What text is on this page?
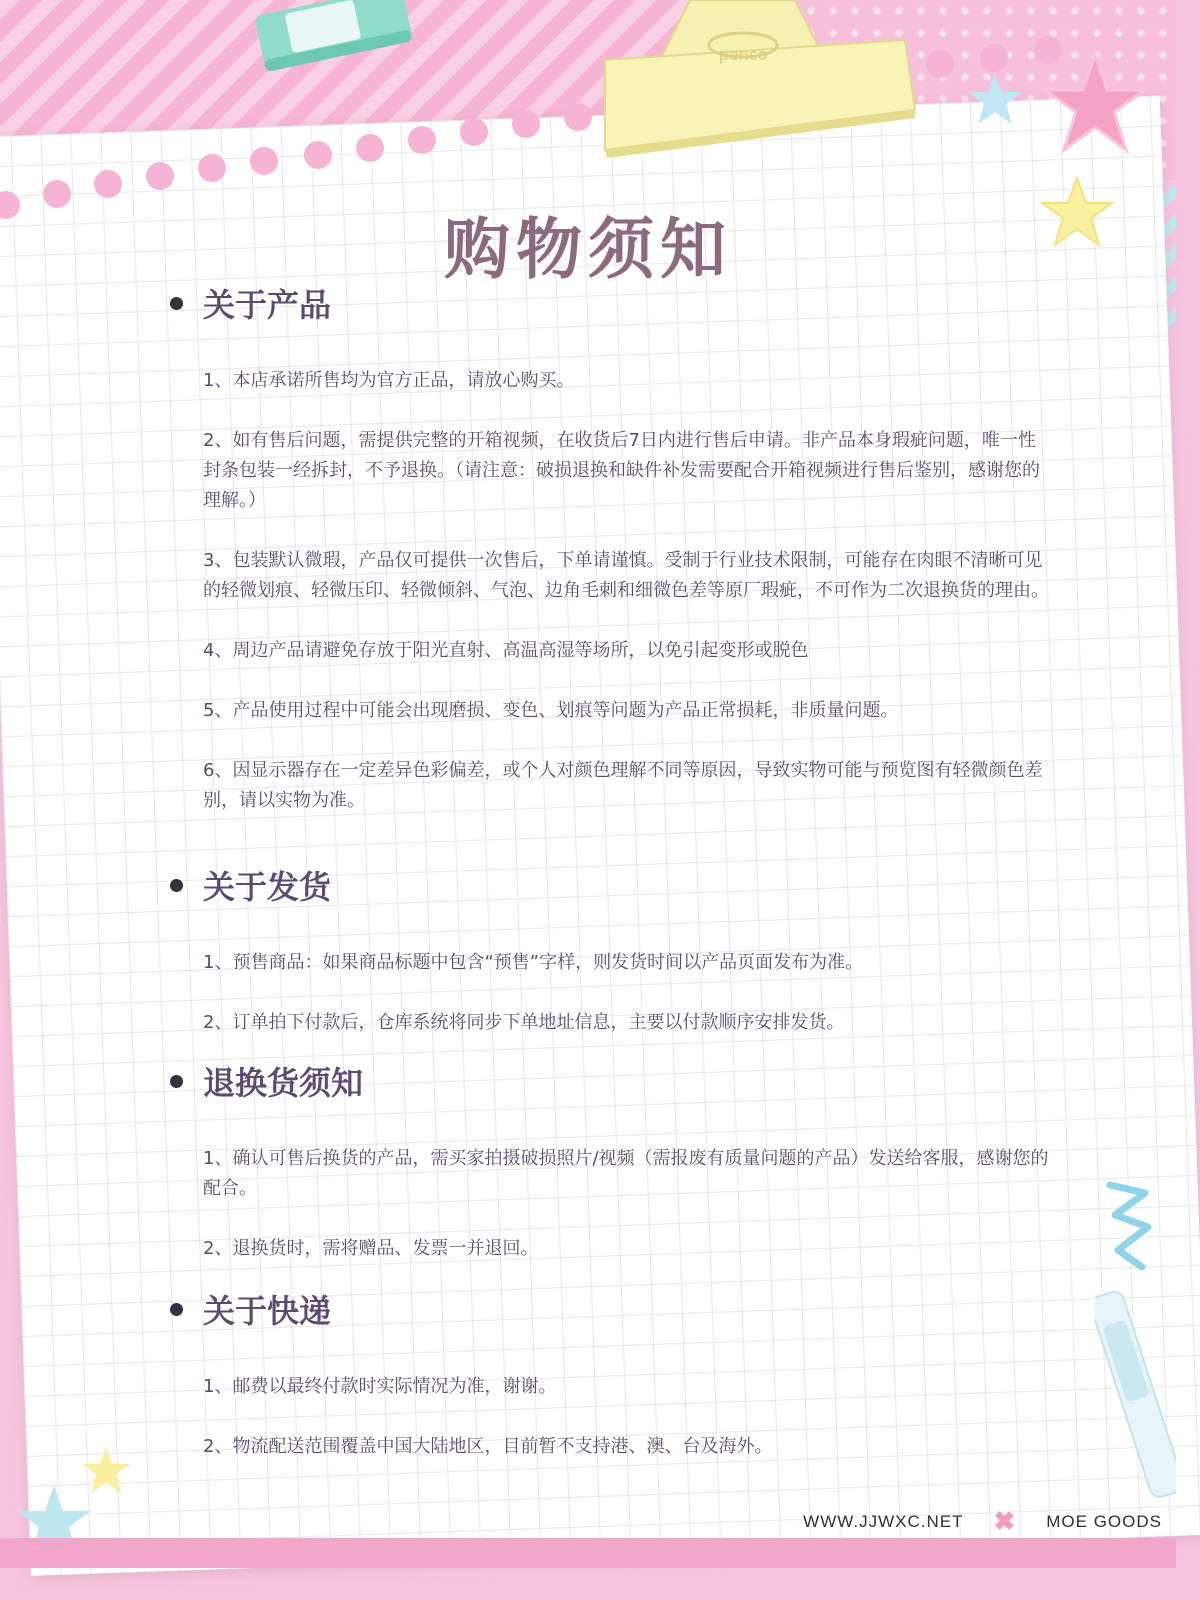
penco
购物须知
关于产品

1、本店承诺所售均为官方正品，请放心购买。

2、如有售后问题，需提供完整的开箱视频，在收货后7日内进行售后申请。非产品本身瑕疵问题，唯一性封条包装一经拆封，不予退换。（请注意：破损退换和缺件补发需要配合开箱视频进行售后鉴别，感谢您的理解。）

3、包装默认微瑕，产品仅可提供一次售后，下单请谨慎。受制于行业技术限制，可能存在肉眼不清晰可见的轻微划痕、轻微压印、轻微倾斜、气泡、边角毛刺和细微色差等原厂瑕疵，不可作为二次退换货的理由。

4、周边产品请避免存放于阳光直射、高温高湿等场所，以免引起变形或脱色

5、产品使用过程中可能会出现磨损、变色、划痕等问题为产品正常损耗，非质量问题。

6、因显示器存在一定差异色彩偏差，或个人对颜色理解不同等原因，导致实物可能与预览图有轻微颜色差别，请以实物为准。

关于发货

1、预售商品：如果商品标题中包含“预售”字样，则发货时间以产品页面发布为准。

2、订单拍下付款后，仓库系统将同步下单地址信息，主要以付款顺序安排发货。

退换货须知

1、确认可售后换货的产品，需买家拍摄破损照片/视频（需报废有质量问题的产品）发送给客服，感谢您的配合。

2、退换货时，需将赠品、发票一并退回。

关于快递

1、邮费以最终付款时实际情况为准，谢谢。

2、物流配送范围覆盖中国大陆地区，目前暂不支持港、澳、台及海外。

WWW.JJWXC.NET ✖ MOE GOODS
